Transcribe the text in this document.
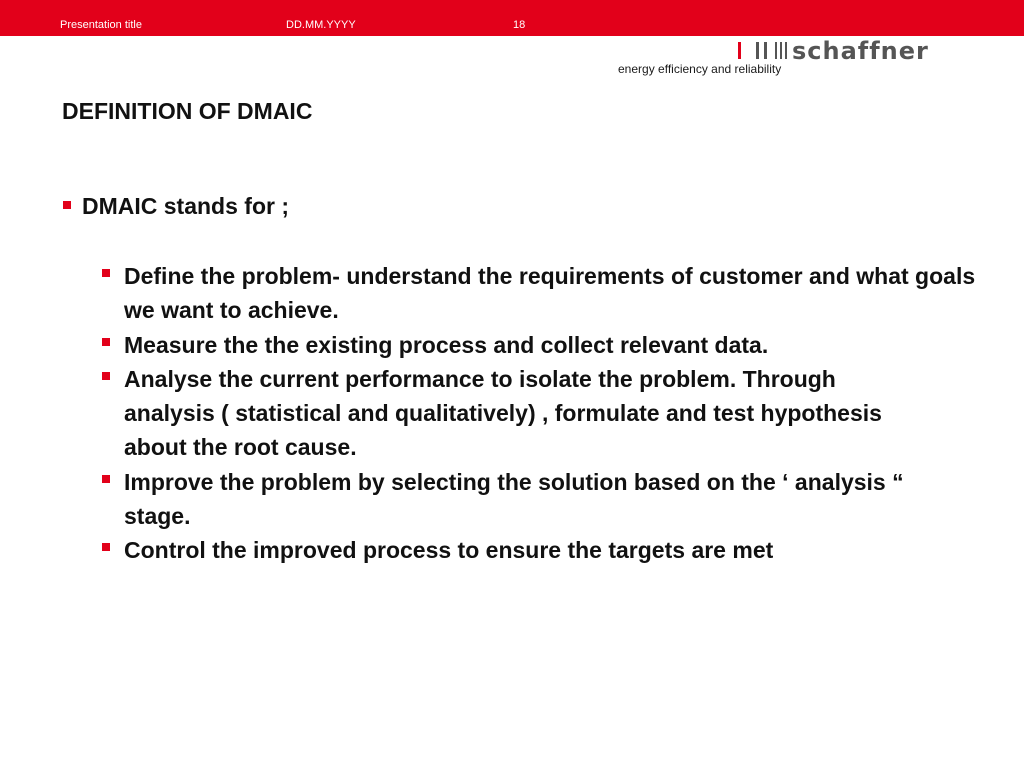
Presentation title	DD.MM.YYYY	18
schaffner
energy efficiency and reliability
DEFINITION OF DMAIC
DMAIC stands for ;
Define the problem- understand the requirements of customer and what goals we want to achieve.
Measure the the existing process and collect relevant data.
Analyse the current performance to isolate the problem. Through analysis ( statistical and qualitatively) , formulate and test hypothesis about the root cause.
Improve the problem by selecting the solution based on the ‘ analysis “ stage.
Control the improved process to ensure the targets are met
